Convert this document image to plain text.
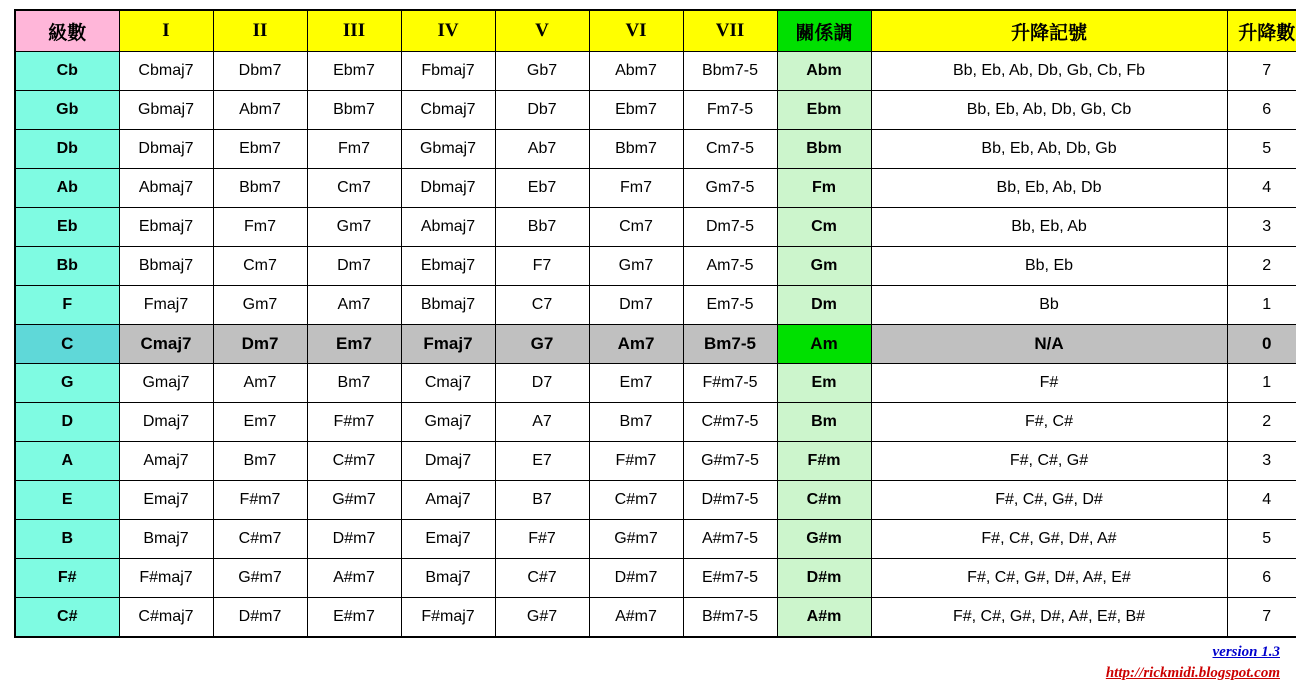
級數	I	II	III	IV	V	VI	VII	關係調	升降記號	升降數
Cb	Cbmaj7	Dbm7	Ebm7	Fbmaj7	Gb7	Abm7	Bbm7-5	Abm	Bb, Eb, Ab, Db, Gb, Cb, Fb	7
Gb	Gbmaj7	Abm7	Bbm7	Cbmaj7	Db7	Ebm7	Fm7-5	Ebm	Bb, Eb, Ab, Db, Gb, Cb	6
Db	Dbmaj7	Ebm7	Fm7	Gbmaj7	Ab7	Bbm7	Cm7-5	Bbm	Bb, Eb, Ab, Db, Gb	5
Ab	Abmaj7	Bbm7	Cm7	Dbmaj7	Eb7	Fm7	Gm7-5	Fm	Bb, Eb, Ab, Db	4
Eb	Ebmaj7	Fm7	Gm7	Abmaj7	Bb7	Cm7	Dm7-5	Cm	Bb, Eb, Ab	3
Bb	Bbmaj7	Cm7	Dm7	Ebmaj7	F7	Gm7	Am7-5	Gm	Bb, Eb	2
F	Fmaj7	Gm7	Am7	Bbmaj7	C7	Dm7	Em7-5	Dm	Bb	1
C	Cmaj7	Dm7	Em7	Fmaj7	G7	Am7	Bm7-5	Am	N/A	0
G	Gmaj7	Am7	Bm7	Cmaj7	D7	Em7	F#m7-5	Em	F#	1
D	Dmaj7	Em7	F#m7	Gmaj7	A7	Bm7	C#m7-5	Bm	F#, C#	2
A	Amaj7	Bm7	C#m7	Dmaj7	E7	F#m7	G#m7-5	F#m	F#, C#, G#	3
E	Emaj7	F#m7	G#m7	Amaj7	B7	C#m7	D#m7-5	C#m	F#, C#, G#, D#	4
B	Bmaj7	C#m7	D#m7	Emaj7	F#7	G#m7	A#m7-5	G#m	F#, C#, G#, D#, A#	5
F#	F#maj7	G#m7	A#m7	Bmaj7	C#7	D#m7	E#m7-5	D#m	F#, C#, G#, D#, A#, E#	6
C#	C#maj7	D#m7	E#m7	F#maj7	G#7	A#m7	B#m7-5	A#m	F#, C#, G#, D#, A#, E#, B#	7
version 1.3
http://rickmidi.blogspot.com
